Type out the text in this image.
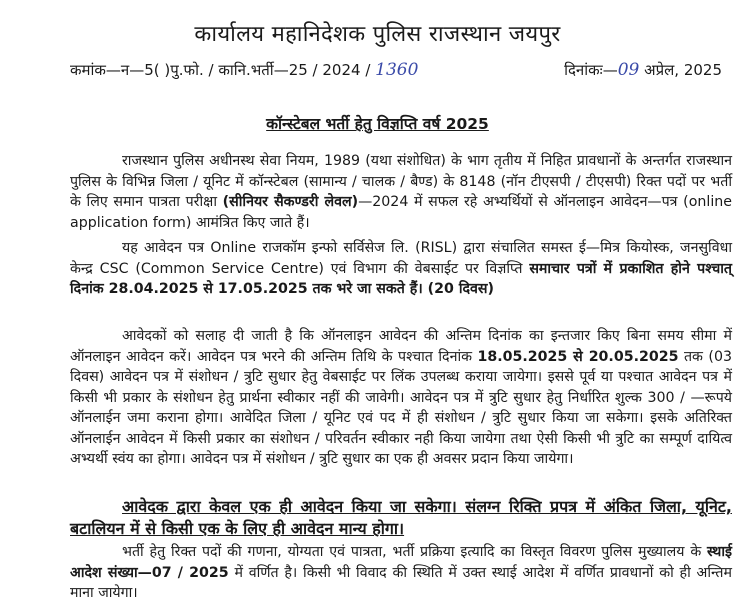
कार्यालय महानिदेशक पुलिस राजस्थान जयपुर
कमांक—न—5( )पु.फो. / कानि.भर्ती—25 / 2024 / 1360	दिनांकः—09 अप्रेल, 2025
कॉन्स्टेबल भर्ती हेतु विज्ञप्ति वर्ष 2025
राजस्थान पुलिस अधीनस्थ सेवा नियम, 1989 (यथा संशोधित) के भाग तृतीय में निहित प्रावधानों के अन्तर्गत राजस्थान पुलिस के विभिन्न जिला / यूनिट में कॉन्स्टेबल (सामान्य / चालक / बैण्ड) के 8148 (नॉन टीएसपी / टीएसपी) रिक्त पदों पर भर्ती के लिए समान पात्रता परीक्षा (सीनियर सैकण्डरी लेवल)—2024 में सफल रहे अभ्यर्थियों से ऑनलाइन आवेदन—पत्र (online application form) आमंत्रित किए जाते हैं।
यह आवेदन पत्र Online राजकॉम इन्फो सर्विसेज लि. (RISL) द्वारा संचालित समस्त ई—मित्र कियोस्क, जनसुविधा केन्द्र CSC (Common Service Centre) एवं विभाग की वेबसाईट पर विज्ञप्ति समाचार पत्रों में प्रकाशित होने पश्चात् दिनांक 28.04.2025 से 17.05.2025 तक भरे जा सकते हैं। (20 दिवस)
आवेदकों को सलाह दी जाती है कि ऑनलाइन आवेदन की अन्तिम दिनांक का इन्तजार किए बिना समय सीमा में ऑनलाइन आवेदन करें। आवेदन पत्र भरने की अन्तिम तिथि के पश्चात दिनांक 18.05.2025 से 20.05.2025 तक (03 दिवस) आवेदन पत्र में संशोधन / त्रुटि सुधार हेतु वेबसाईट पर लिंक उपलब्ध कराया जायेगा। इससे पूर्व या पश्चात आवेदन पत्र में किसी भी प्रकार के संशोधन हेतु प्रार्थना स्वीकार नहीं की जावेगी। आवेदन पत्र में त्रुटि सुधार हेतु निर्धारित शुल्क 300 / —रूपये ऑनलाईन जमा कराना होगा। आवेदित जिला / यूनिट एवं पद में ही संशोधन / त्रुटि सुधार किया जा सकेगा। इसके अतिरिक्त ऑनलाईन आवेदन में किसी प्रकार का संशोधन / परिवर्तन स्वीकार नही किया जायेगा तथा ऐसी किसी भी त्रुटि का सम्पूर्ण दायित्व अभ्यर्थी स्वंय का होगा। आवेदन पत्र में संशोधन / त्रुटि सुधार का एक ही अवसर प्रदान किया जायेगा।
आवेदक द्वारा केवल एक ही आवेदन किया जा सकेगा। संलग्न रिक्ति प्रपत्र में अंकित जिला, यूनिट, बटालियन में से किसी एक के लिए ही आवेदन मान्य होगा।
भर्ती हेतु रिक्त पदों की गणना, योग्यता एवं पात्रता, भर्ती प्रक्रिया इत्यादि का विस्तृत विवरण पुलिस मुख्यालय के स्थाई आदेश संख्या—07 / 2025 में वर्णित है। किसी भी विवाद की स्थिति में उक्त स्थाई आदेश में वर्णित प्रावधानों को ही अन्तिम माना जायेगा।
